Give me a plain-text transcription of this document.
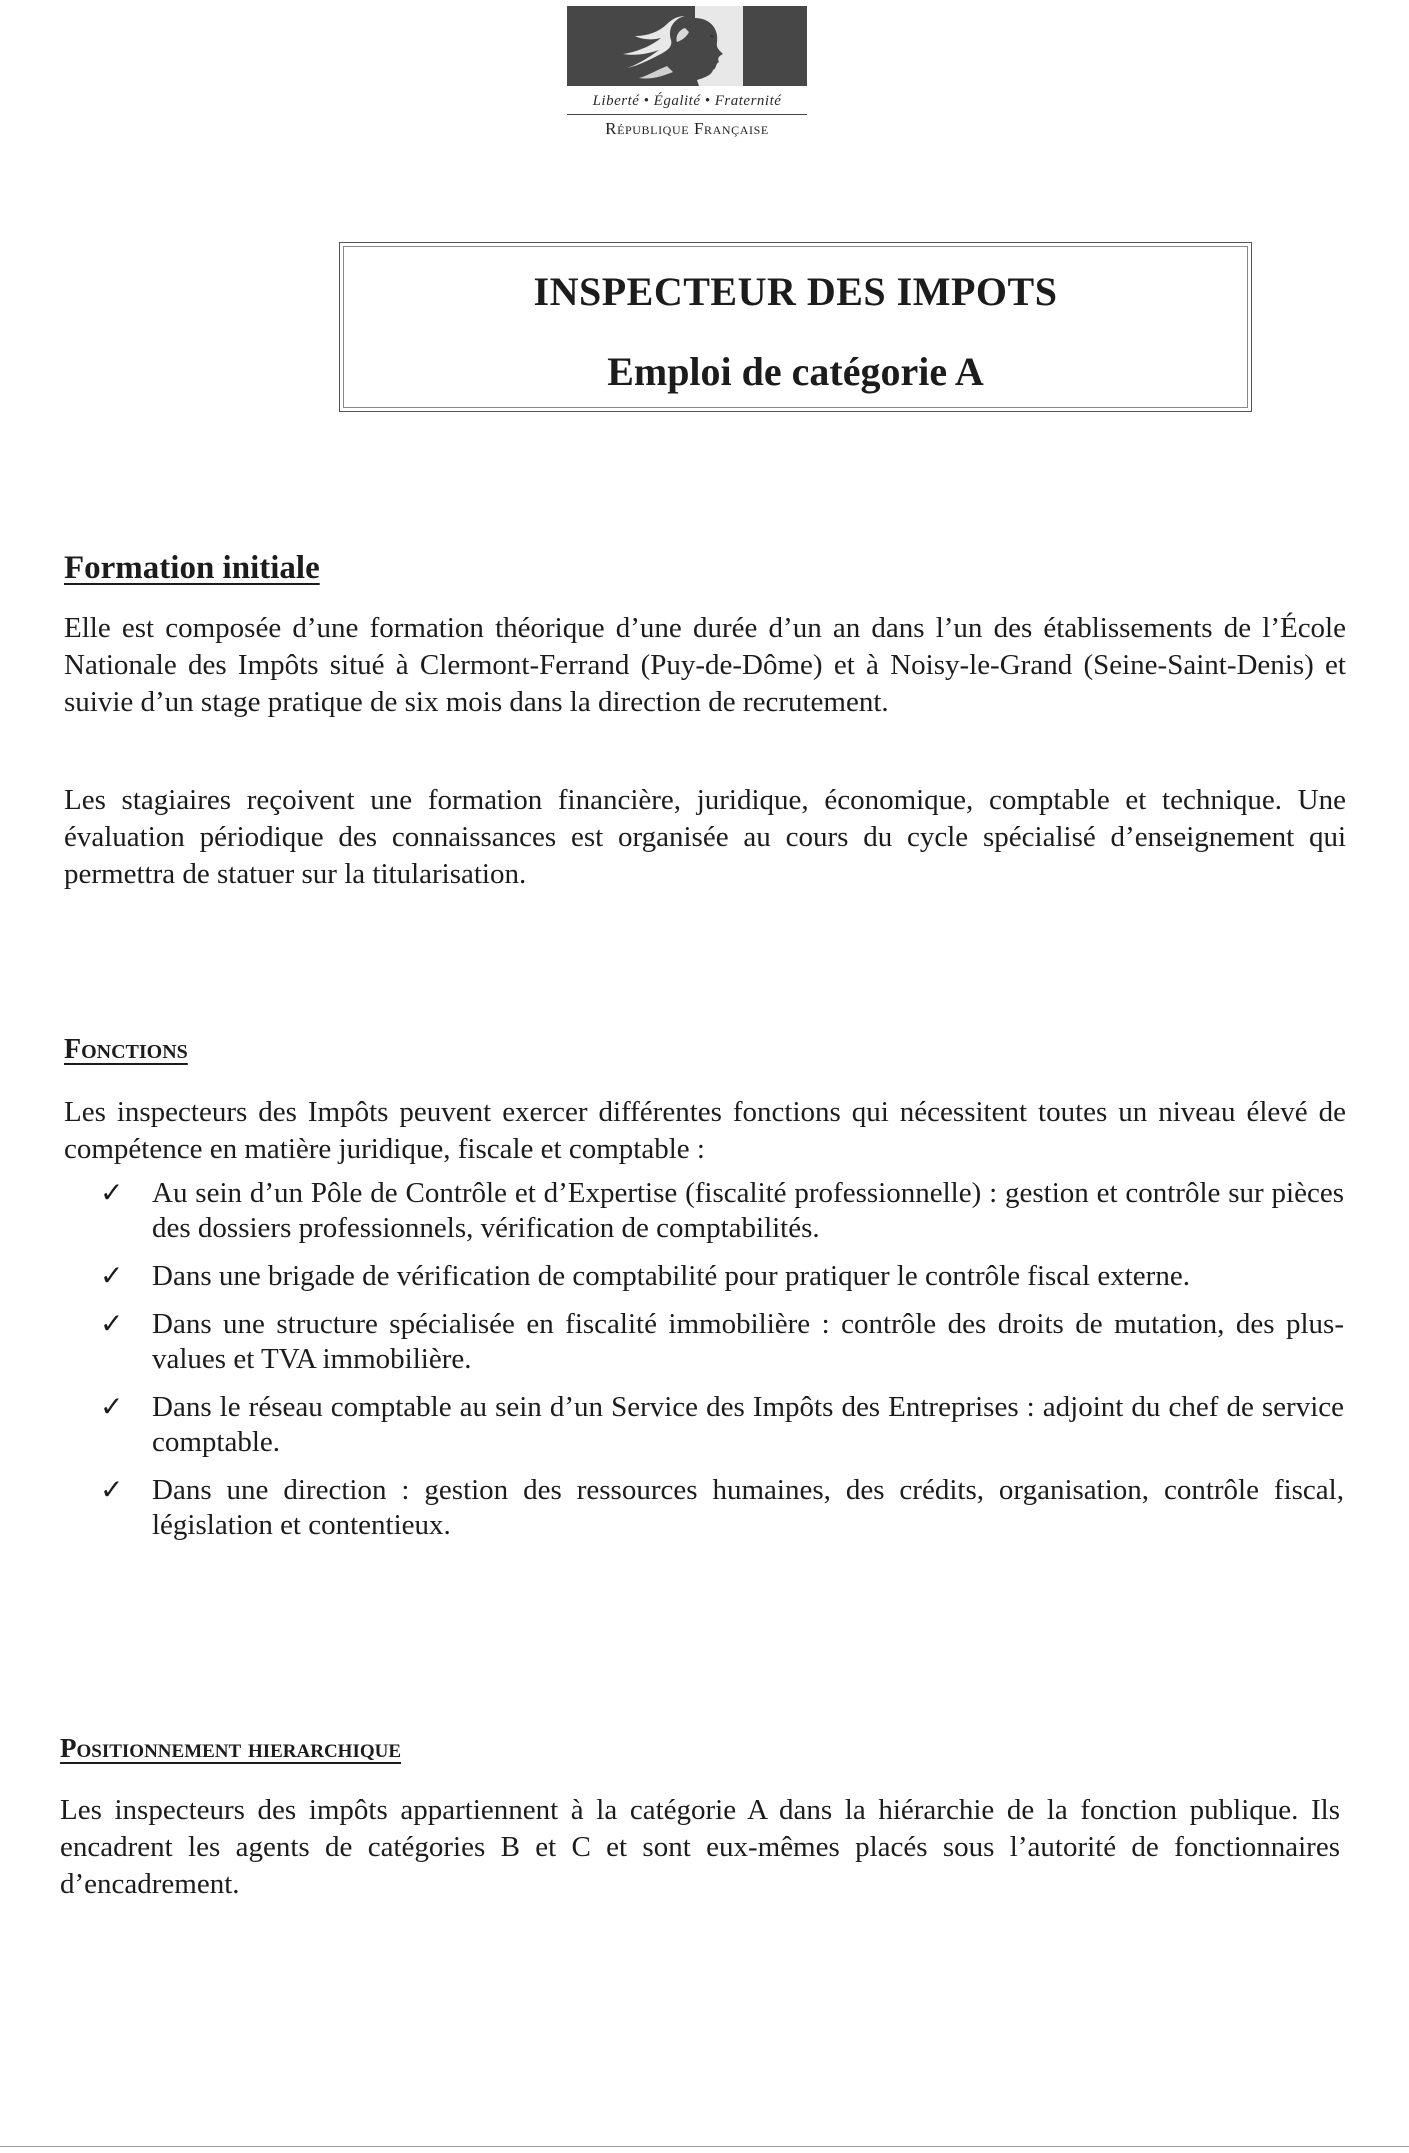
Liberté • Égalité • Fraternité
République Française
INSPECTEUR DES IMPOTS
Emploi de catégorie A
Formation initiale
Elle est composée d’une formation théorique d’une durée d’un an dans l’un des établissements de l’École Nationale des Impôts situé à Clermont-Ferrand (Puy-de-Dôme) et à Noisy-le-Grand (Seine-Saint-Denis) et suivie d’un stage pratique de six mois dans la direction de recrutement.
Les stagiaires reçoivent une formation financière, juridique, économique, comptable et technique. Une évaluation périodique des connaissances est organisée au cours du cycle spécialisé d’enseignement qui permettra de statuer sur la titularisation.
Fonctions
Les inspecteurs des Impôts peuvent exercer différentes fonctions qui nécessitent toutes un niveau élevé de compétence en matière juridique, fiscale et comptable :
✓ Au sein d’un Pôle de Contrôle et d’Expertise (fiscalité professionnelle) : gestion et contrôle sur pièces des dossiers professionnels, vérification de comptabilités.
✓ Dans une brigade de vérification de comptabilité pour pratiquer le contrôle fiscal externe.
✓ Dans une structure spécialisée en fiscalité immobilière : contrôle des droits de mutation, des plus-values et TVA immobilière.
✓ Dans le réseau comptable au sein d’un Service des Impôts des Entreprises : adjoint du chef de service comptable.
✓ Dans une direction : gestion des ressources humaines, des crédits, organisation, contrôle fiscal, législation et contentieux.
Positionnement hierarchique
Les inspecteurs des impôts appartiennent à la catégorie A dans la hiérarchie de la fonction publique. Ils encadrent les agents de catégories B et C et sont eux-mêmes placés sous l’autorité de fonctionnaires d’encadrement.
